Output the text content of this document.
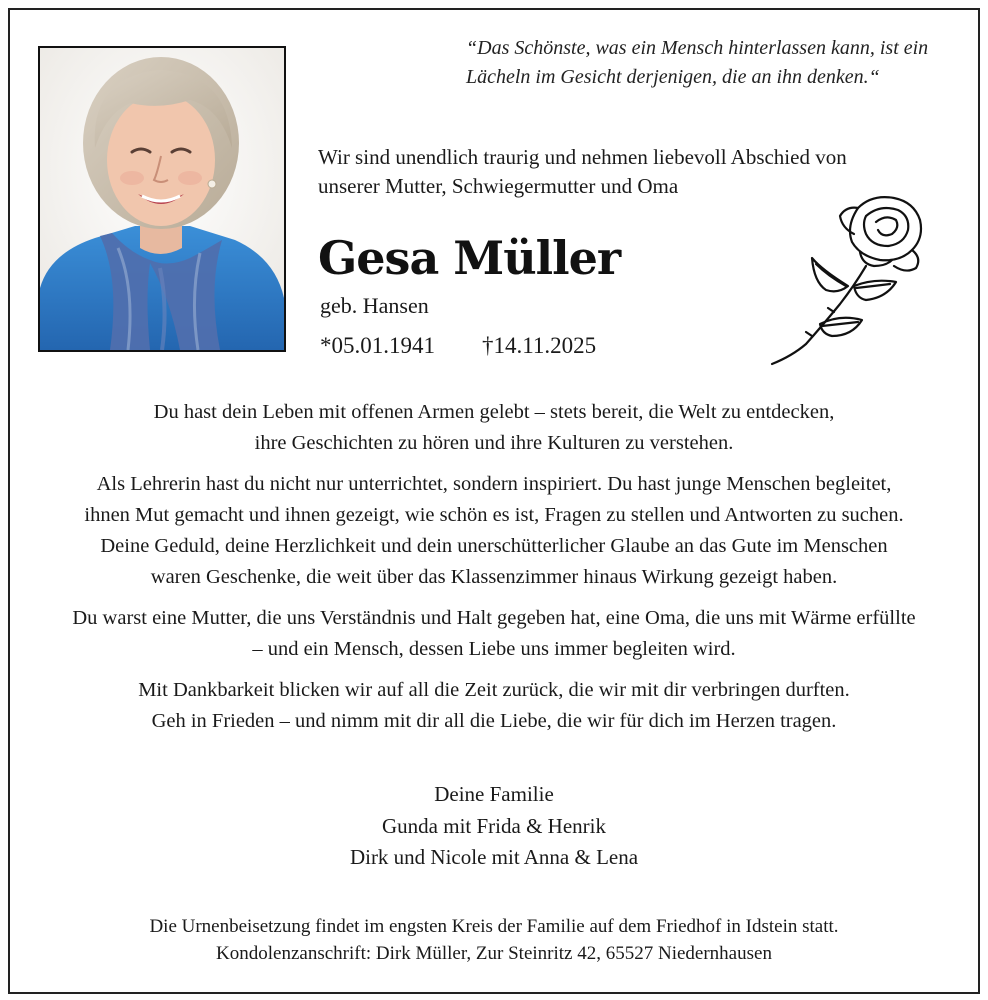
“Das Schönste, was ein Mensch hinterlassen kann, ist ein
Lächeln im Gesicht derjenigen, die an ihn denken.“
Wir sind unendlich traurig und nehmen liebevoll Abschied von
unserer Mutter, Schwiegermutter und Oma
Gesa Müller
geb. Hansen
*05.01.1941 †14.11.2025

Du hast dein Leben mit offenen Armen gelebt – stets bereit, die Welt zu entdecken,
ihre Geschichten zu hören und ihre Kulturen zu verstehen.

Als Lehrerin hast du nicht nur unterrichtet, sondern inspiriert. Du hast junge Menschen begleitet,
ihnen Mut gemacht und ihnen gezeigt, wie schön es ist, Fragen zu stellen und Antworten zu suchen.
Deine Geduld, deine Herzlichkeit und dein unerschütterlicher Glaube an das Gute im Menschen
waren Geschenke, die weit über das Klassenzimmer hinaus Wirkung gezeigt haben.

Du warst eine Mutter, die uns Verständnis und Halt gegeben hat, eine Oma, die uns mit Wärme erfüllte
– und ein Mensch, dessen Liebe uns immer begleiten wird.

Mit Dankbarkeit blicken wir auf all die Zeit zurück, die wir mit dir verbringen durften.
Geh in Frieden – und nimm mit dir all die Liebe, die wir für dich im Herzen tragen.

Deine Familie
Gunda mit Frida & Henrik
Dirk und Nicole mit Anna & Lena
Die Urnenbeisetzung findet im engsten Kreis der Familie auf dem Friedhof in Idstein statt.
Kondolenzanschrift: Dirk Müller, Zur Steinritz 42, 65527 Niedernhausen
